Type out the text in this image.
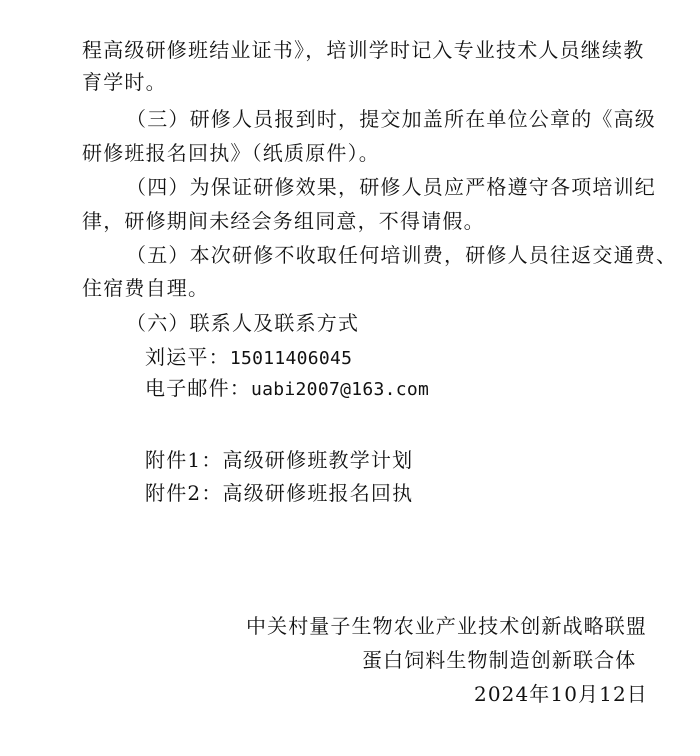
程高级研修班结业证书》，培训学时记入专业技术人员继续教
育学时。
（三）研修人员报到时，提交加盖所在单位公章的《高级
研修班报名回执》（纸质原件）。
（四）为保证研修效果，研修人员应严格遵守各项培训纪
律，研修期间未经会务组同意，不得请假。
（五）本次研修不收取任何培训费，研修人员往返交通费、
住宿费自理。
（六）联系人及联系方式
刘运平：15011406045
电子邮件：uabi2007@163.com
附件1：高级研修班教学计划
附件2：高级研修班报名回执
中关村量子生物农业产业技术创新战略联盟
蛋白饲料生物制造创新联合体
2024年10月12日
